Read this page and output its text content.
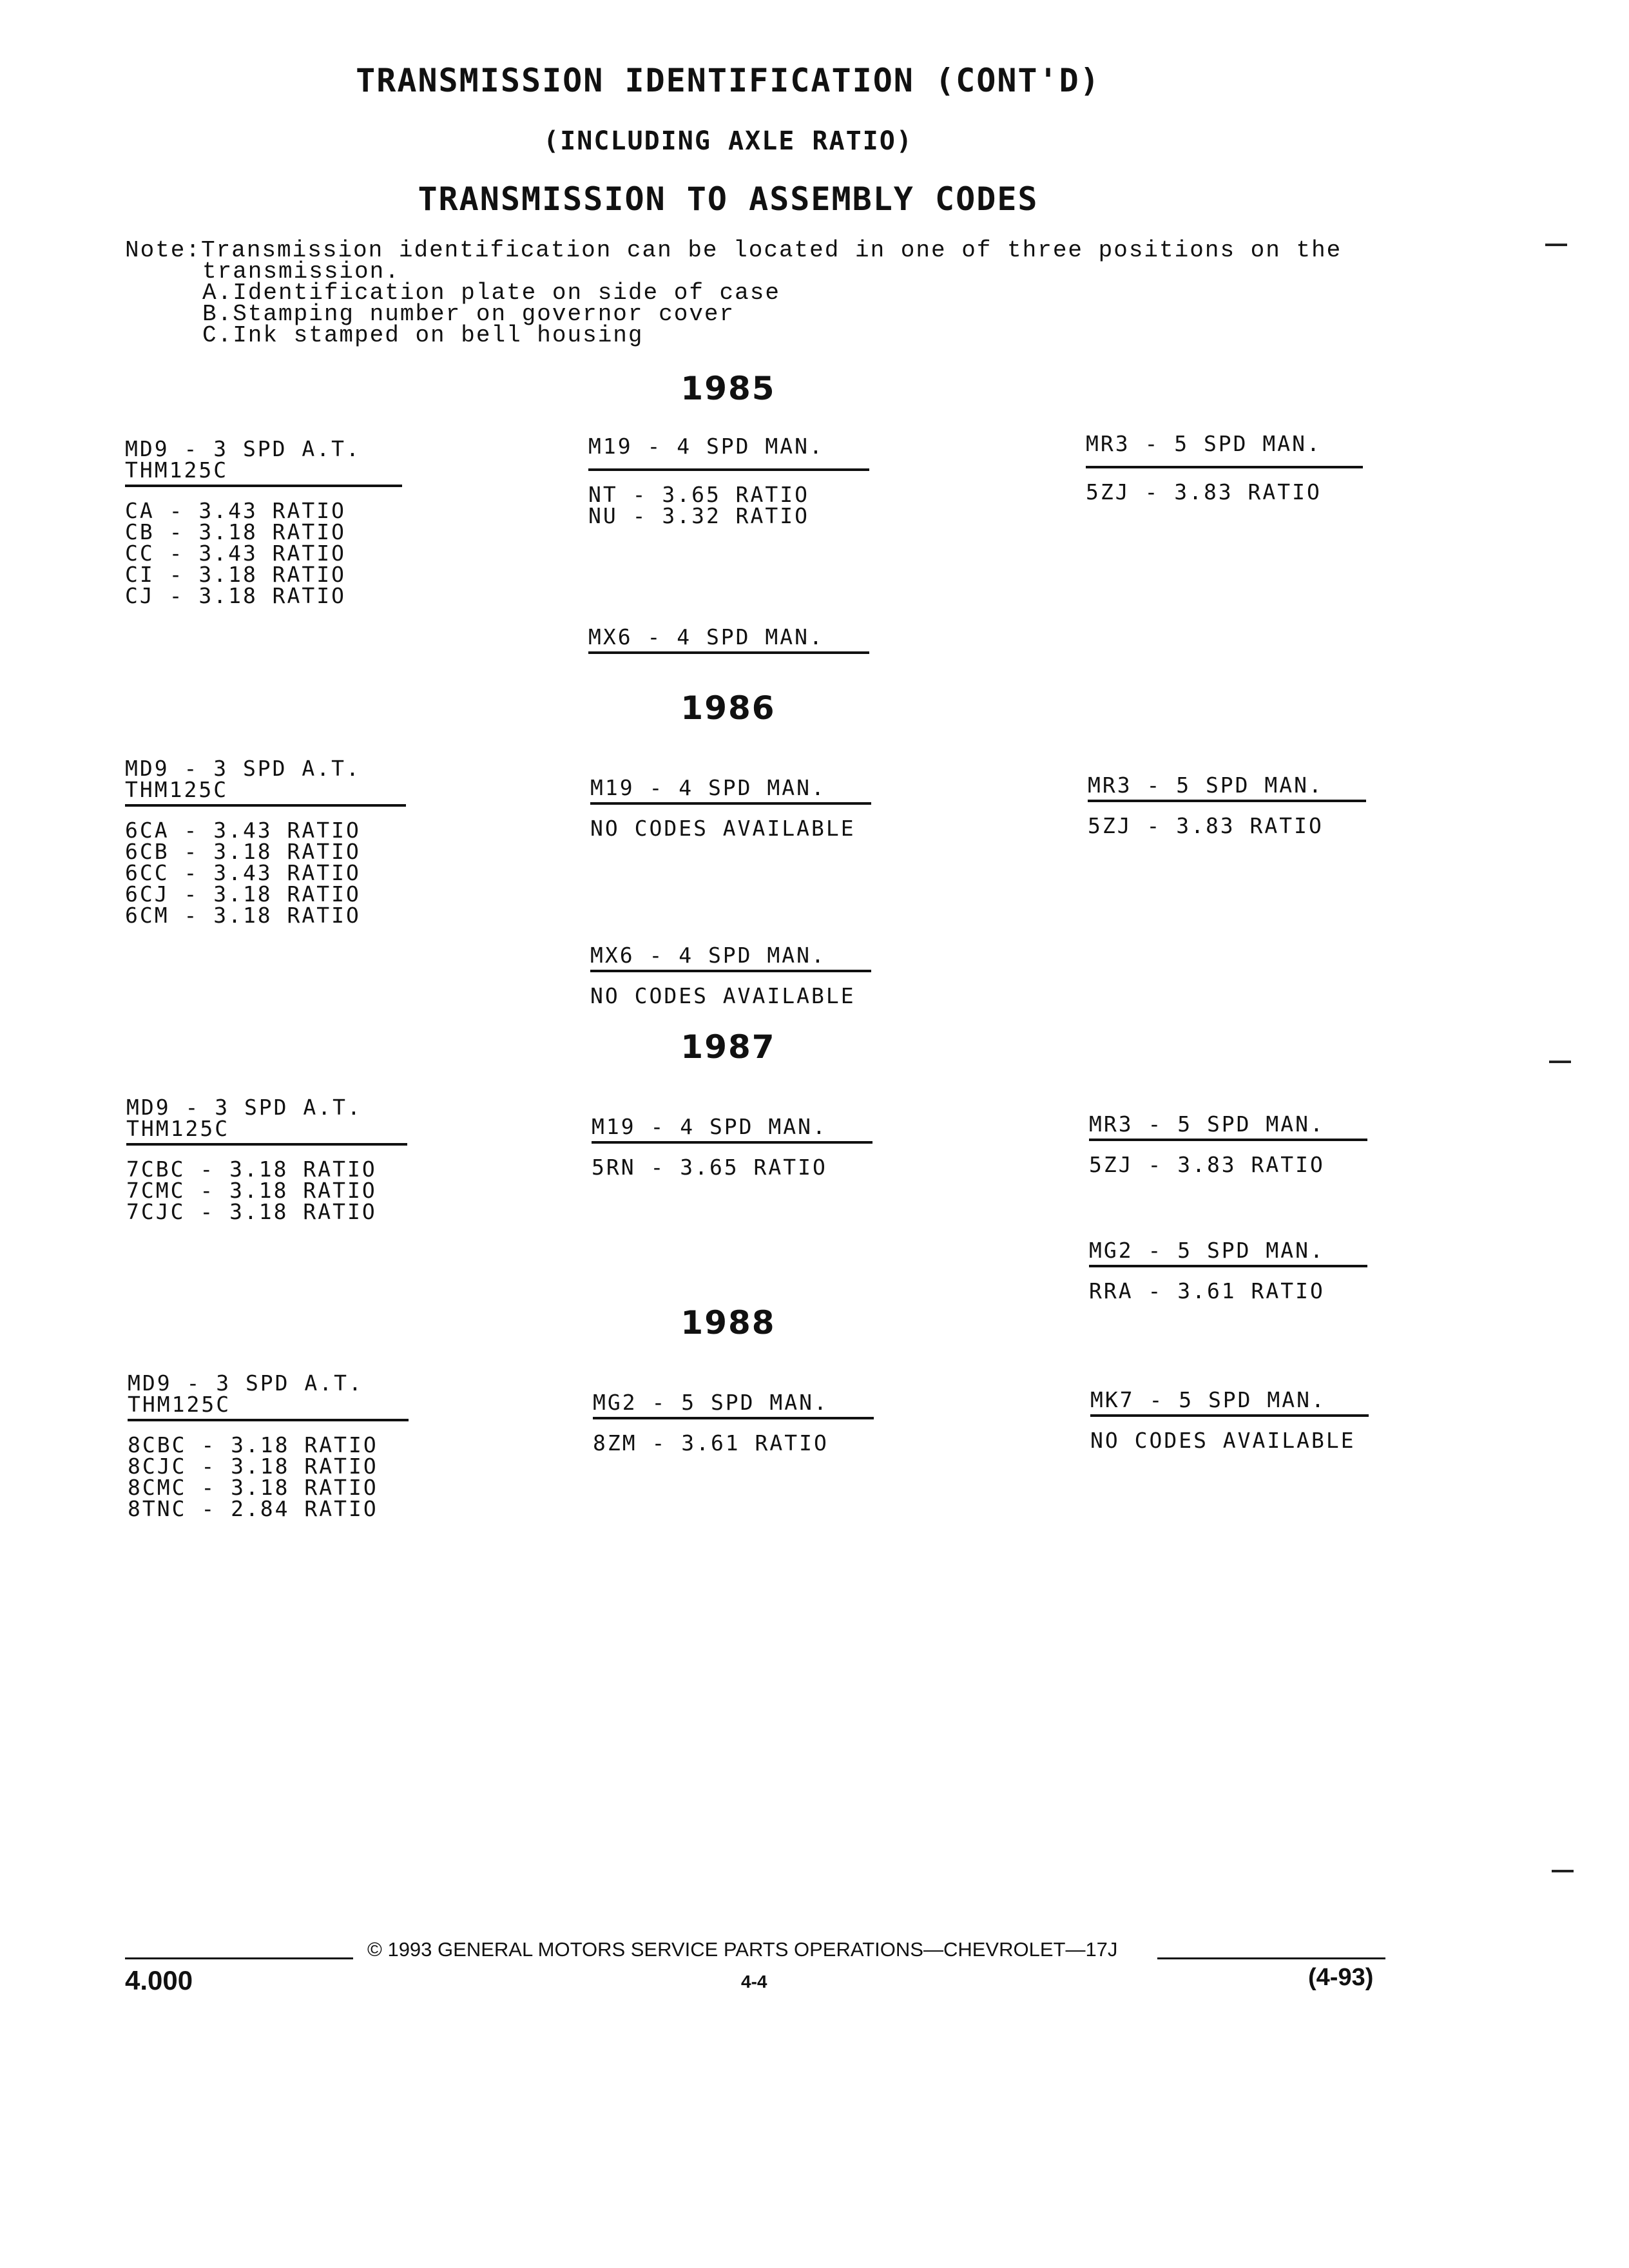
TRANSMISSION IDENTIFICATION (CONT'D)
(INCLUDING AXLE RATIO)
TRANSMISSION TO ASSEMBLY CODES
Note:Transmission identification can be located in one of three positions on the
transmission.
A.Identification plate on side of case
B.Stamping number on governor cover
C.Ink stamped on bell housing
1985
1986
1987
1988
MD9 - 3 SPD A.T.
THM125C
CA - 3.43 RATIO
CB - 3.18 RATIO
CC - 3.43 RATIO
CI - 3.18 RATIO
CJ - 3.18 RATIO
M19 - 4 SPD MAN.
NT - 3.65 RATIO
NU - 3.32 RATIO
MR3 - 5 SPD MAN.
5ZJ - 3.83 RATIO
MX6 - 4 SPD MAN.
MD9 - 3 SPD A.T.
THM125C
6CA - 3.43 RATIO
6CB - 3.18 RATIO
6CC - 3.43 RATIO
6CJ - 3.18 RATIO
6CM - 3.18 RATIO
M19 - 4 SPD MAN.
NO CODES AVAILABLE
MR3 - 5 SPD MAN.
5ZJ - 3.83 RATIO
MX6 - 4 SPD MAN.
NO CODES AVAILABLE
MD9 - 3 SPD A.T.
THM125C
7CBC - 3.18 RATIO
7CMC - 3.18 RATIO
7CJC - 3.18 RATIO
M19 - 4 SPD MAN.
5RN - 3.65 RATIO
MR3 - 5 SPD MAN.
5ZJ - 3.83 RATIO
MG2 - 5 SPD MAN.
RRA - 3.61 RATIO
MD9 - 3 SPD A.T.
THM125C
8CBC - 3.18 RATIO
8CJC - 3.18 RATIO
8CMC - 3.18 RATIO
8TNC - 2.84 RATIO
MG2 - 5 SPD MAN.
8ZM - 3.61 RATIO
MK7 - 5 SPD MAN.
NO CODES AVAILABLE
© 1993 GENERAL MOTORS SERVICE PARTS OPERATIONS—CHEVROLET—17J
4.000	4-4	(4-93)
